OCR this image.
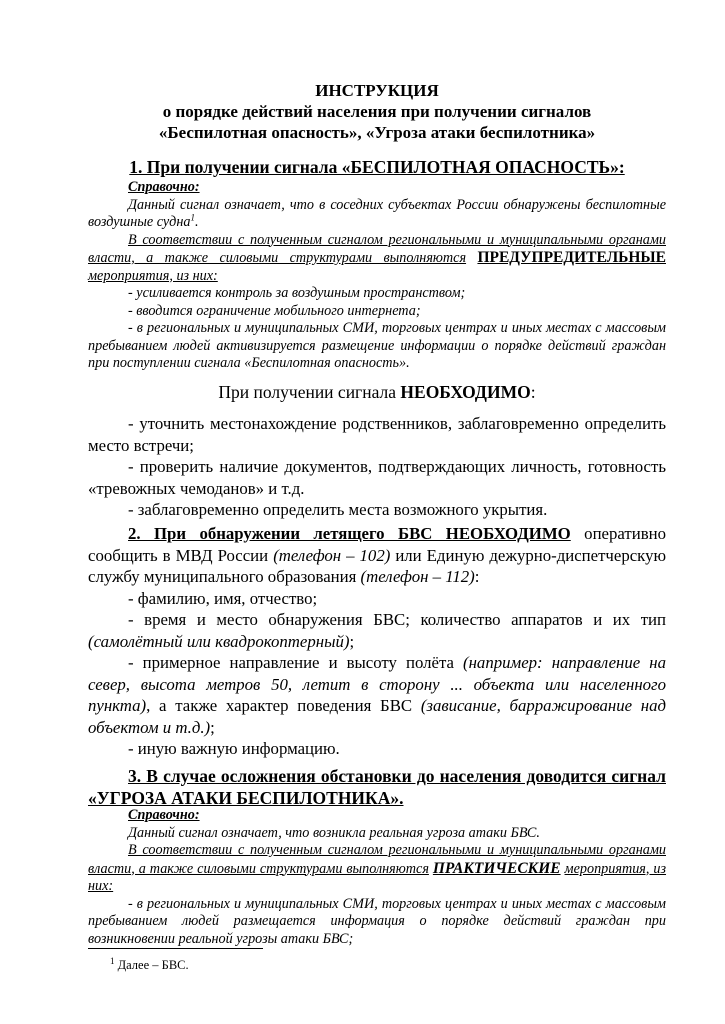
ИНСТРУКЦИЯ

о порядке действий населения при получении сигналов

«Беспилотная опасность», «Угроза атаки беспилотника»

1. При получении сигнала «БЕСПИЛОТНАЯ ОПАСНОСТЬ»:

Справочно:

Данный сигнал означает, что в соседних субъектах России обнаружены беспилотные воздушные судна$^1$.

В соответствии с полученным сигналом региональными и муниципальными органами власти, а также силовыми структурами выполняются ПРЕДУПРЕДИТЕЛЬНЫЕ мероприятия, из них:

- усиливается контроль за воздушным пространством;

- вводится ограничение мобильного интернета;

- в региональных и муниципальных СМИ, торговых центрах и иных местах с массовым пребыванием людей активизируется размещение информации о порядке действий граждан при поступлении сигнала «Беспилотная опасность».

При получении сигнала НЕОБХОДИМО:

- уточнить местонахождение родственников, заблаговременно определить место встречи;

- проверить наличие документов, подтверждающих личность, готовность «тревожных чемоданов» и т.д.

- заблаговременно определить места возможного укрытия.

2. При обнаружении летящего БВС НЕОБХОДИМО оперативно сообщить в МВД России (телефон – 102) или Единую дежурно-диспетчерскую службу муниципального образования (телефон – 112):

- фамилию, имя, отчество;

- время и место обнаружения БВС; количество аппаратов и их тип (самолётный или квадрокоптерный);

- примерное направление и высоту полёта (например: направление на север, высота метров 50, летит в сторону ... объекта или населенного пункта), а также характер поведения БВС (зависание, барражирование над объектом и т.д.);

- иную важную информацию.

3. В случае осложнения обстановки до населения доводится сигнал «УГРОЗА АТАКИ БЕСПИЛОТНИКА».

Справочно:

Данный сигнал означает, что возникла реальная угроза атаки БВС.

В соответствии с полученным сигналом региональными и муниципальными органами власти, а также силовыми структурами выполняются ПРАКТИЧЕСКИЕ мероприятия, из них:

- в региональных и муниципальных СМИ, торговых центрах и иных местах с массовым пребыванием людей размещается информация о порядке действий граждан при возникновении реальной угрозы атаки БВС;

$^1$ Далее – БВС.
